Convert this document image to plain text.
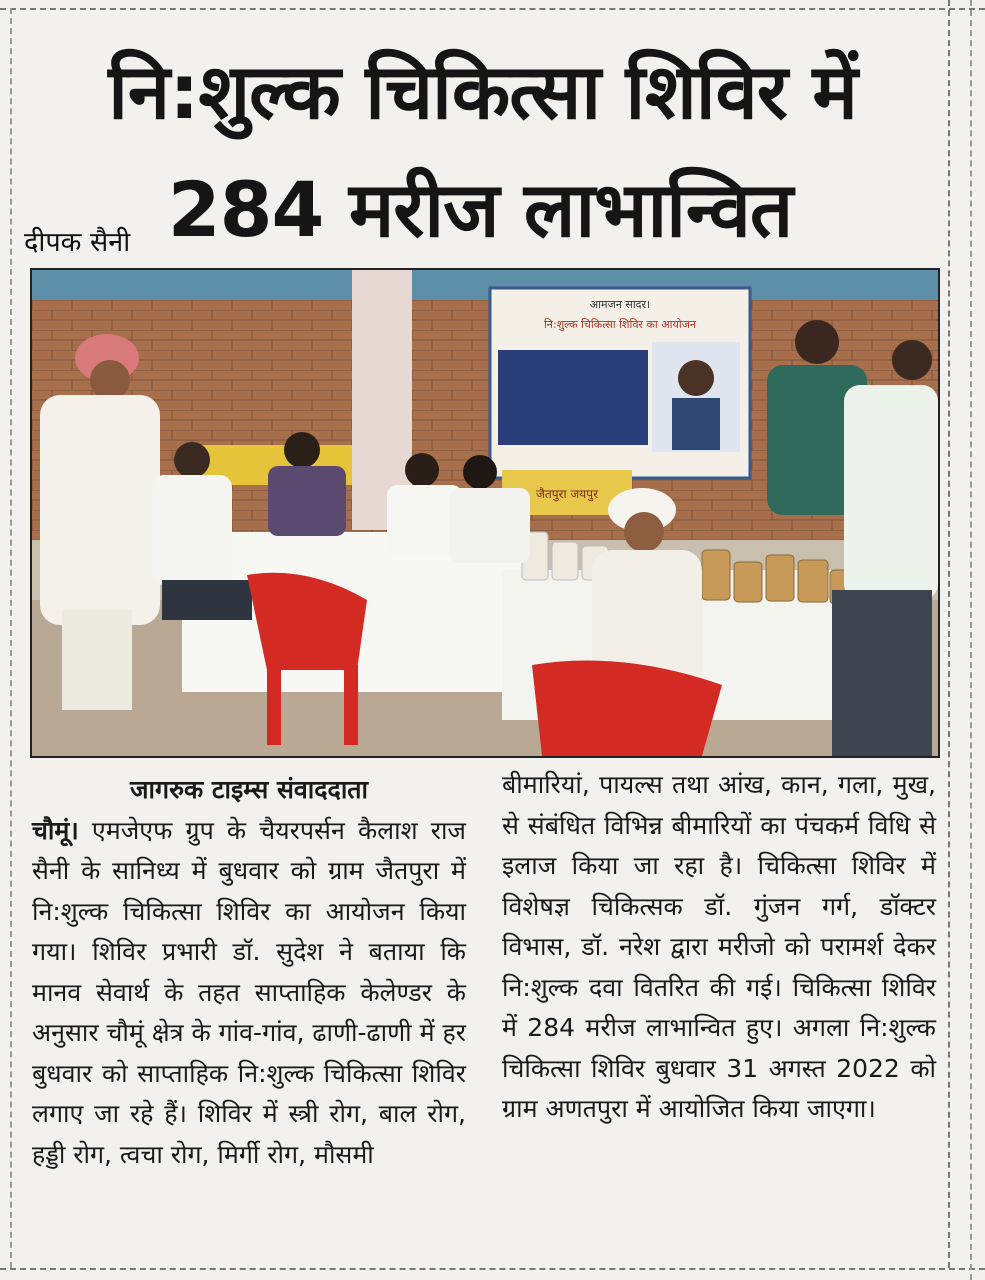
नि:शुल्क चिकित्सा शिविर में
284 मरीज लाभान्वित
दीपक सैनी
आमजन सादर।
नि:शुल्क चिकित्सा शिविर का आयोजन
जैतपुरा जयपुर
जागरुक टाइम्स संवाददाता
चौमूं। एमजेएफ ग्रुप के चैयरपर्सन कैलाश राज सैनी के सानिध्य में बुधवार को ग्राम जैतपुरा में नि:शुल्क चिकित्सा शिविर का आयोजन किया गया। शिविर प्रभारी डॉ. सुदेश ने बताया कि मानव सेवार्थ के तहत साप्ताहिक केलेण्डर के अनुसार चौमूं क्षेत्र के गांव-गांव, ढाणी-ढाणी में हर बुधवार को साप्ताहिक नि:शुल्क चिकित्सा शिविर लगाए जा रहे हैं। शिविर में स्त्री रोग, बाल रोग, हड्डी रोग, त्वचा रोग, मिर्गी रोग, मौसमी
बीमारियां, पायल्स तथा आंख, कान, गला, मुख, से संबंधित विभिन्न बीमारियों का पंचकर्म विधि से इलाज किया जा रहा है। चिकित्सा शिविर में विशेषज्ञ चिकित्सक डॉ. गुंजन गर्ग, डॉक्टर विभास, डॉ. नरेश द्वारा मरीजो को परामर्श देकर नि:शुल्क दवा वितरित की गई। चिकित्सा शिविर में 284 मरीज लाभान्वित हुए। अगला नि:शुल्क चिकित्सा शिविर बुधवार 31 अगस्त 2022 को ग्राम अणतपुरा में आयोजित किया जाएगा।
